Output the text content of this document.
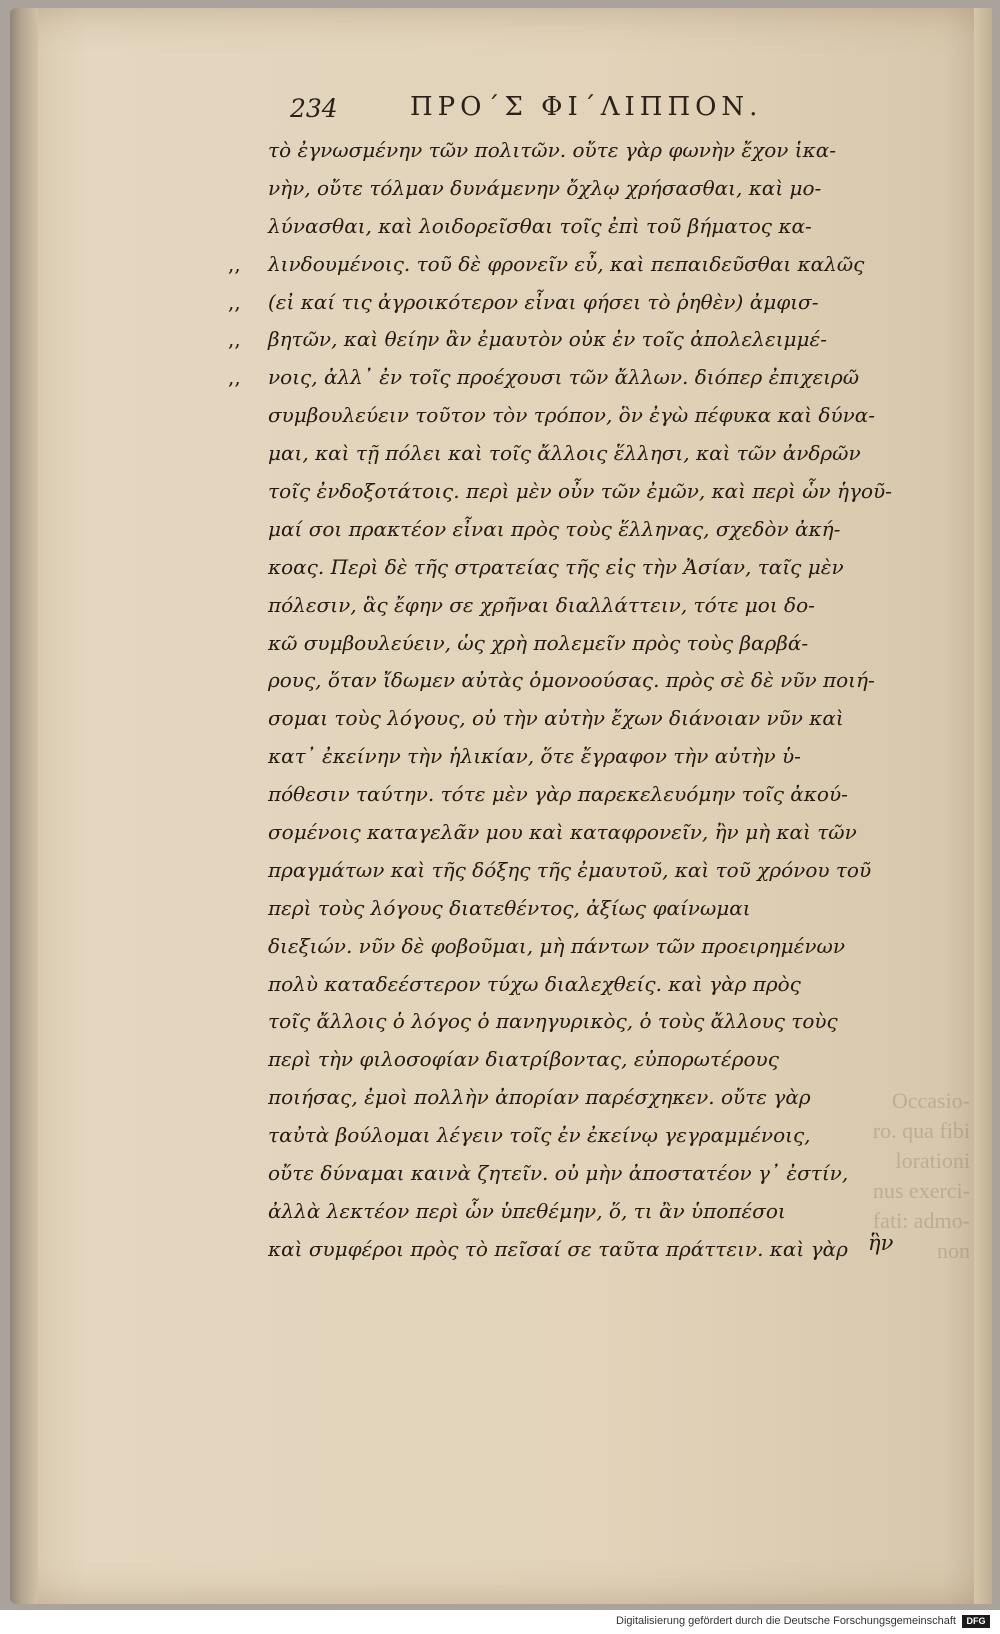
Occasio-
ro. qua fibi
lorationi
nus exerci-
fati: admo-
non
234	ΠΡΟ΄Σ ΦΙ΄ΛΙΠΠΟΝ.
τὸ ἐγνωσμένην τῶν πολιτῶν. οὔτε γὰρ φωνὴν ἔχον ἱκα-
νὴν, οὔτε τόλμαν δυνάμενην ὄχλῳ χρήσασθαι, καὶ μο-
λύνασθαι, καὶ λοιδορεῖσθαι τοῖς ἐπὶ τοῦ βήματος κα-
,,	λινδουμένοις. τοῦ δὲ φρονεῖν εὖ, καὶ πεπαιδεῦσθαι καλῶς
,,	(εἰ καί τις ἀγροικότερον εἶναι φήσει τὸ ῥηθὲν) ἀμφισ-
,,	βητῶν, καὶ θείην ἂν ἐμαυτὸν οὐκ ἐν τοῖς ἀπολελειμμέ-
,,	νοις, ἀλλ᾽ ἐν τοῖς προέχουσι τῶν ἄλλων. διόπερ ἐπιχειρῶ
συμβουλεύειν τοῦτον τὸν τρόπον, ὃν ἐγὼ πέφυκα καὶ δύνα-
μαι, καὶ τῇ πόλει καὶ τοῖς ἄλλοις ἕλλησι, καὶ τῶν ἀνδρῶν
τοῖς ἐνδοξοτάτοις. περὶ μὲν οὖν τῶν ἐμῶν, καὶ περὶ ὧν ἡγοῦ-
μαί σοι πρακτέον εἶναι πρὸς τοὺς ἕλληνας, σχεδὸν ἀκή-
κοας. Περὶ δὲ τῆς στρατείας τῆς εἰς τὴν Ἀσίαν, ταῖς μὲν
πόλεσιν, ἃς ἔφην σε χρῆναι διαλλάττειν, τότε μοι δο-
κῶ συμβουλεύειν, ὡς χρὴ πολεμεῖν πρὸς τοὺς βαρβά-
ρους, ὅταν ἴδωμεν αὐτὰς ὁμονοούσας. πρὸς σὲ δὲ νῦν ποιή-
σομαι τοὺς λόγους, οὐ τὴν αὐτὴν ἔχων διάνοιαν νῦν καὶ
κατ᾽ ἐκείνην τὴν ἡλικίαν, ὅτε ἔγραφον τὴν αὐτὴν ὑ-
πόθεσιν ταύτην. τότε μὲν γὰρ παρεκελευόμην τοῖς ἀκού-
σομένοις καταγελᾶν μου καὶ καταφρονεῖν, ἢν μὴ καὶ τῶν
πραγμάτων καὶ τῆς δόξης τῆς ἐμαυτοῦ, καὶ τοῦ χρόνου τοῦ
περὶ τοὺς λόγους διατεθέντος, ἀξίως φαίνωμαι
διεξιών. νῦν δὲ φοβοῦμαι, μὴ πάντων τῶν προειρημένων
πολὺ καταδεέστερον τύχω διαλεχθείς. καὶ γὰρ πρὸς
τοῖς ἄλλοις ὁ λόγος ὁ πανηγυρικὸς, ὁ τοὺς ἄλλους τοὺς
περὶ τὴν φιλοσοφίαν διατρίβοντας, εὐπορωτέρους
ποιήσας, ἐμοὶ πολλὴν ἀπορίαν παρέσχηκεν. οὔτε γὰρ
ταὐτὰ βούλομαι λέγειν τοῖς ἐν ἐκείνῳ γεγραμμένοις,
οὔτε δύναμαι καινὰ ζητεῖν. οὐ μὴν ἀποστατέον γ᾽ ἐστίν,
ἀλλὰ λεκτέον περὶ ὧν ὑπεθέμην, ὅ, τι ἂν ὑποπέσοι
καὶ συμφέροι πρὸς τὸ πεῖσαί σε ταῦτα πράττειν. καὶ γὰρ ἣν
Digitalisierung gefördert durch die Deutsche Forschungsgemeinschaft	DFG
